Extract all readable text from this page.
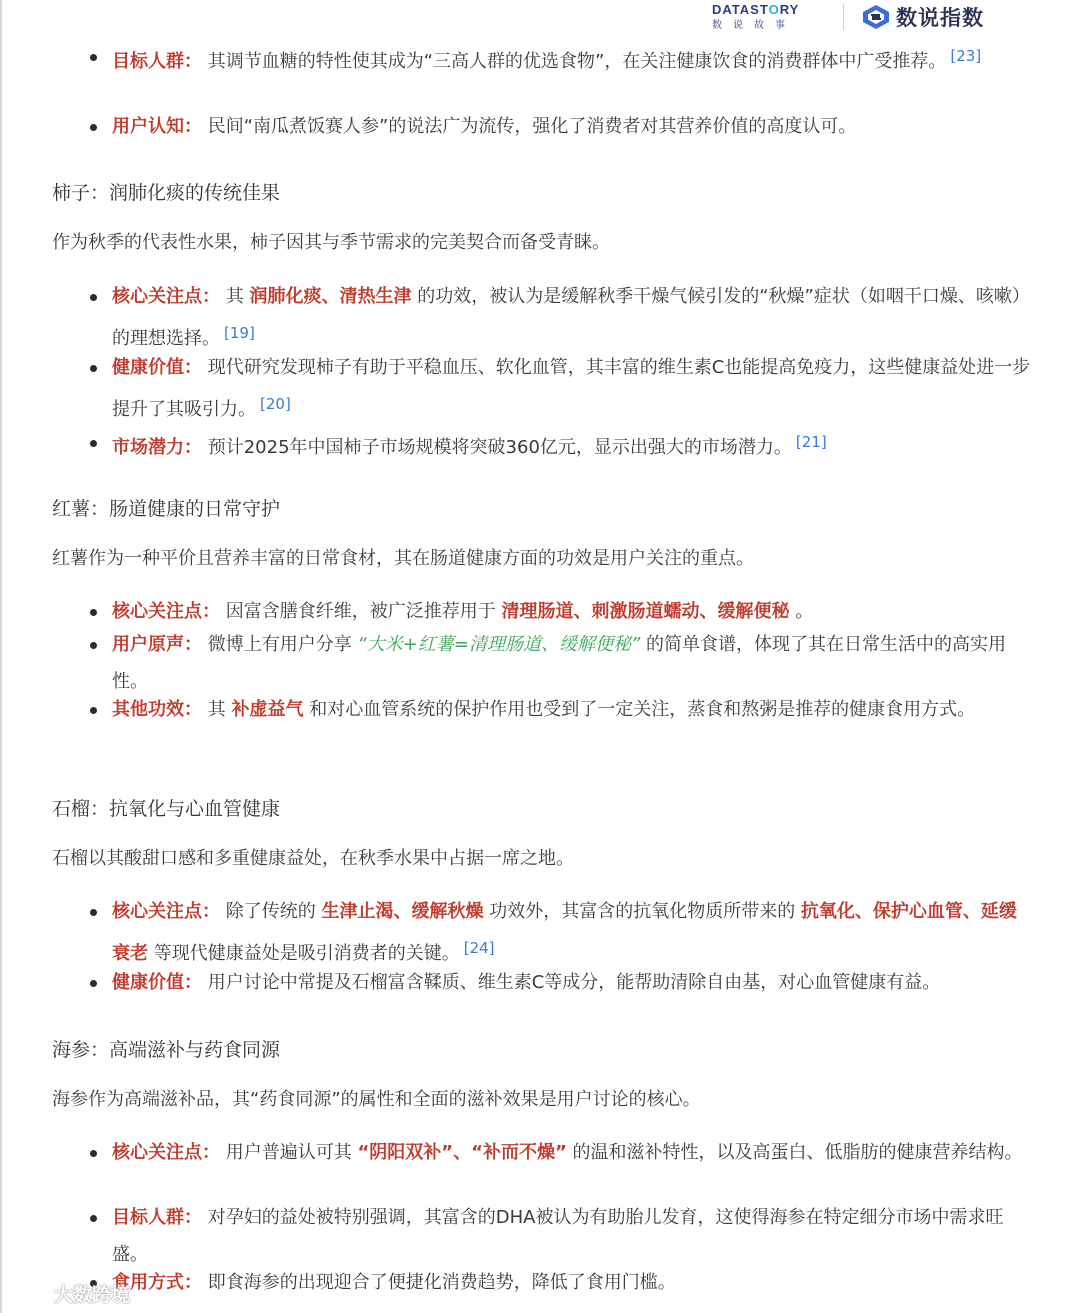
DATASTORY
数说故事	数说指数
目标人群： 其调节血糖的特性使其成为“三高人群的优选食物”，在关注健康饮食的消费群体中广受推荐。 [23]
用户认知： 民间“南瓜煮饭赛人参”的说法广为流传，强化了消费者对其营养价值的高度认可。
柿子：润肺化痰的传统佳果
作为秋季的代表性水果，柿子因其与季节需求的完美契合而备受青睐。
核心关注点： 其 润肺化痰、清热生津 的功效，被认为是缓解秋季干燥气候引发的“秋燥”症状（如咽干口燥、咳嗽）的理想选择。 [19]
健康价值： 现代研究发现柿子有助于平稳血压、软化血管，其丰富的维生素C也能提高免疫力，这些健康益处进一步提升了其吸引力。 [20]
市场潜力： 预计2025年中国柿子市场规模将突破360亿元，显示出强大的市场潜力。 [21]
红薯：肠道健康的日常守护
红薯作为一种平价且营养丰富的日常食材，其在肠道健康方面的功效是用户关注的重点。
核心关注点： 因富含膳食纤维，被广泛推荐用于 清理肠道、刺激肠道蠕动、缓解便秘 。
用户原声： 微博上有用户分享 “大米+红薯=清理肠道、缓解便秘” 的简单食谱，体现了其在日常生活中的高实用性。
其他功效： 其 补虚益气 和对心血管系统的保护作用也受到了一定关注，蒸食和熬粥是推荐的健康食用方式。
石榴：抗氧化与心血管健康
石榴以其酸甜口感和多重健康益处，在秋季水果中占据一席之地。
核心关注点： 除了传统的 生津止渴、缓解秋燥 功效外，其富含的抗氧化物质所带来的 抗氧化、保护心血管、延缓衰老 等现代健康益处是吸引消费者的关键。 [24]
健康价值： 用户讨论中常提及石榴富含鞣质、维生素C等成分，能帮助清除自由基，对心血管健康有益。
海参：高端滋补与药食同源
海参作为高端滋补品，其“药食同源”的属性和全面的滋补效果是用户讨论的核心。
核心关注点： 用户普遍认可其 “阴阳双补”、“补而不燥” 的温和滋补特性，以及高蛋白、低脂肪的健康营养结构。
目标人群： 对孕妇的益处被特别强调，其富含的DHA被认为有助胎儿发育，这使得海参在特定细分市场中需求旺盛。
食用方式： 即食海参的出现迎合了便捷化消费趋势，降低了食用门槛。
大数跨境
